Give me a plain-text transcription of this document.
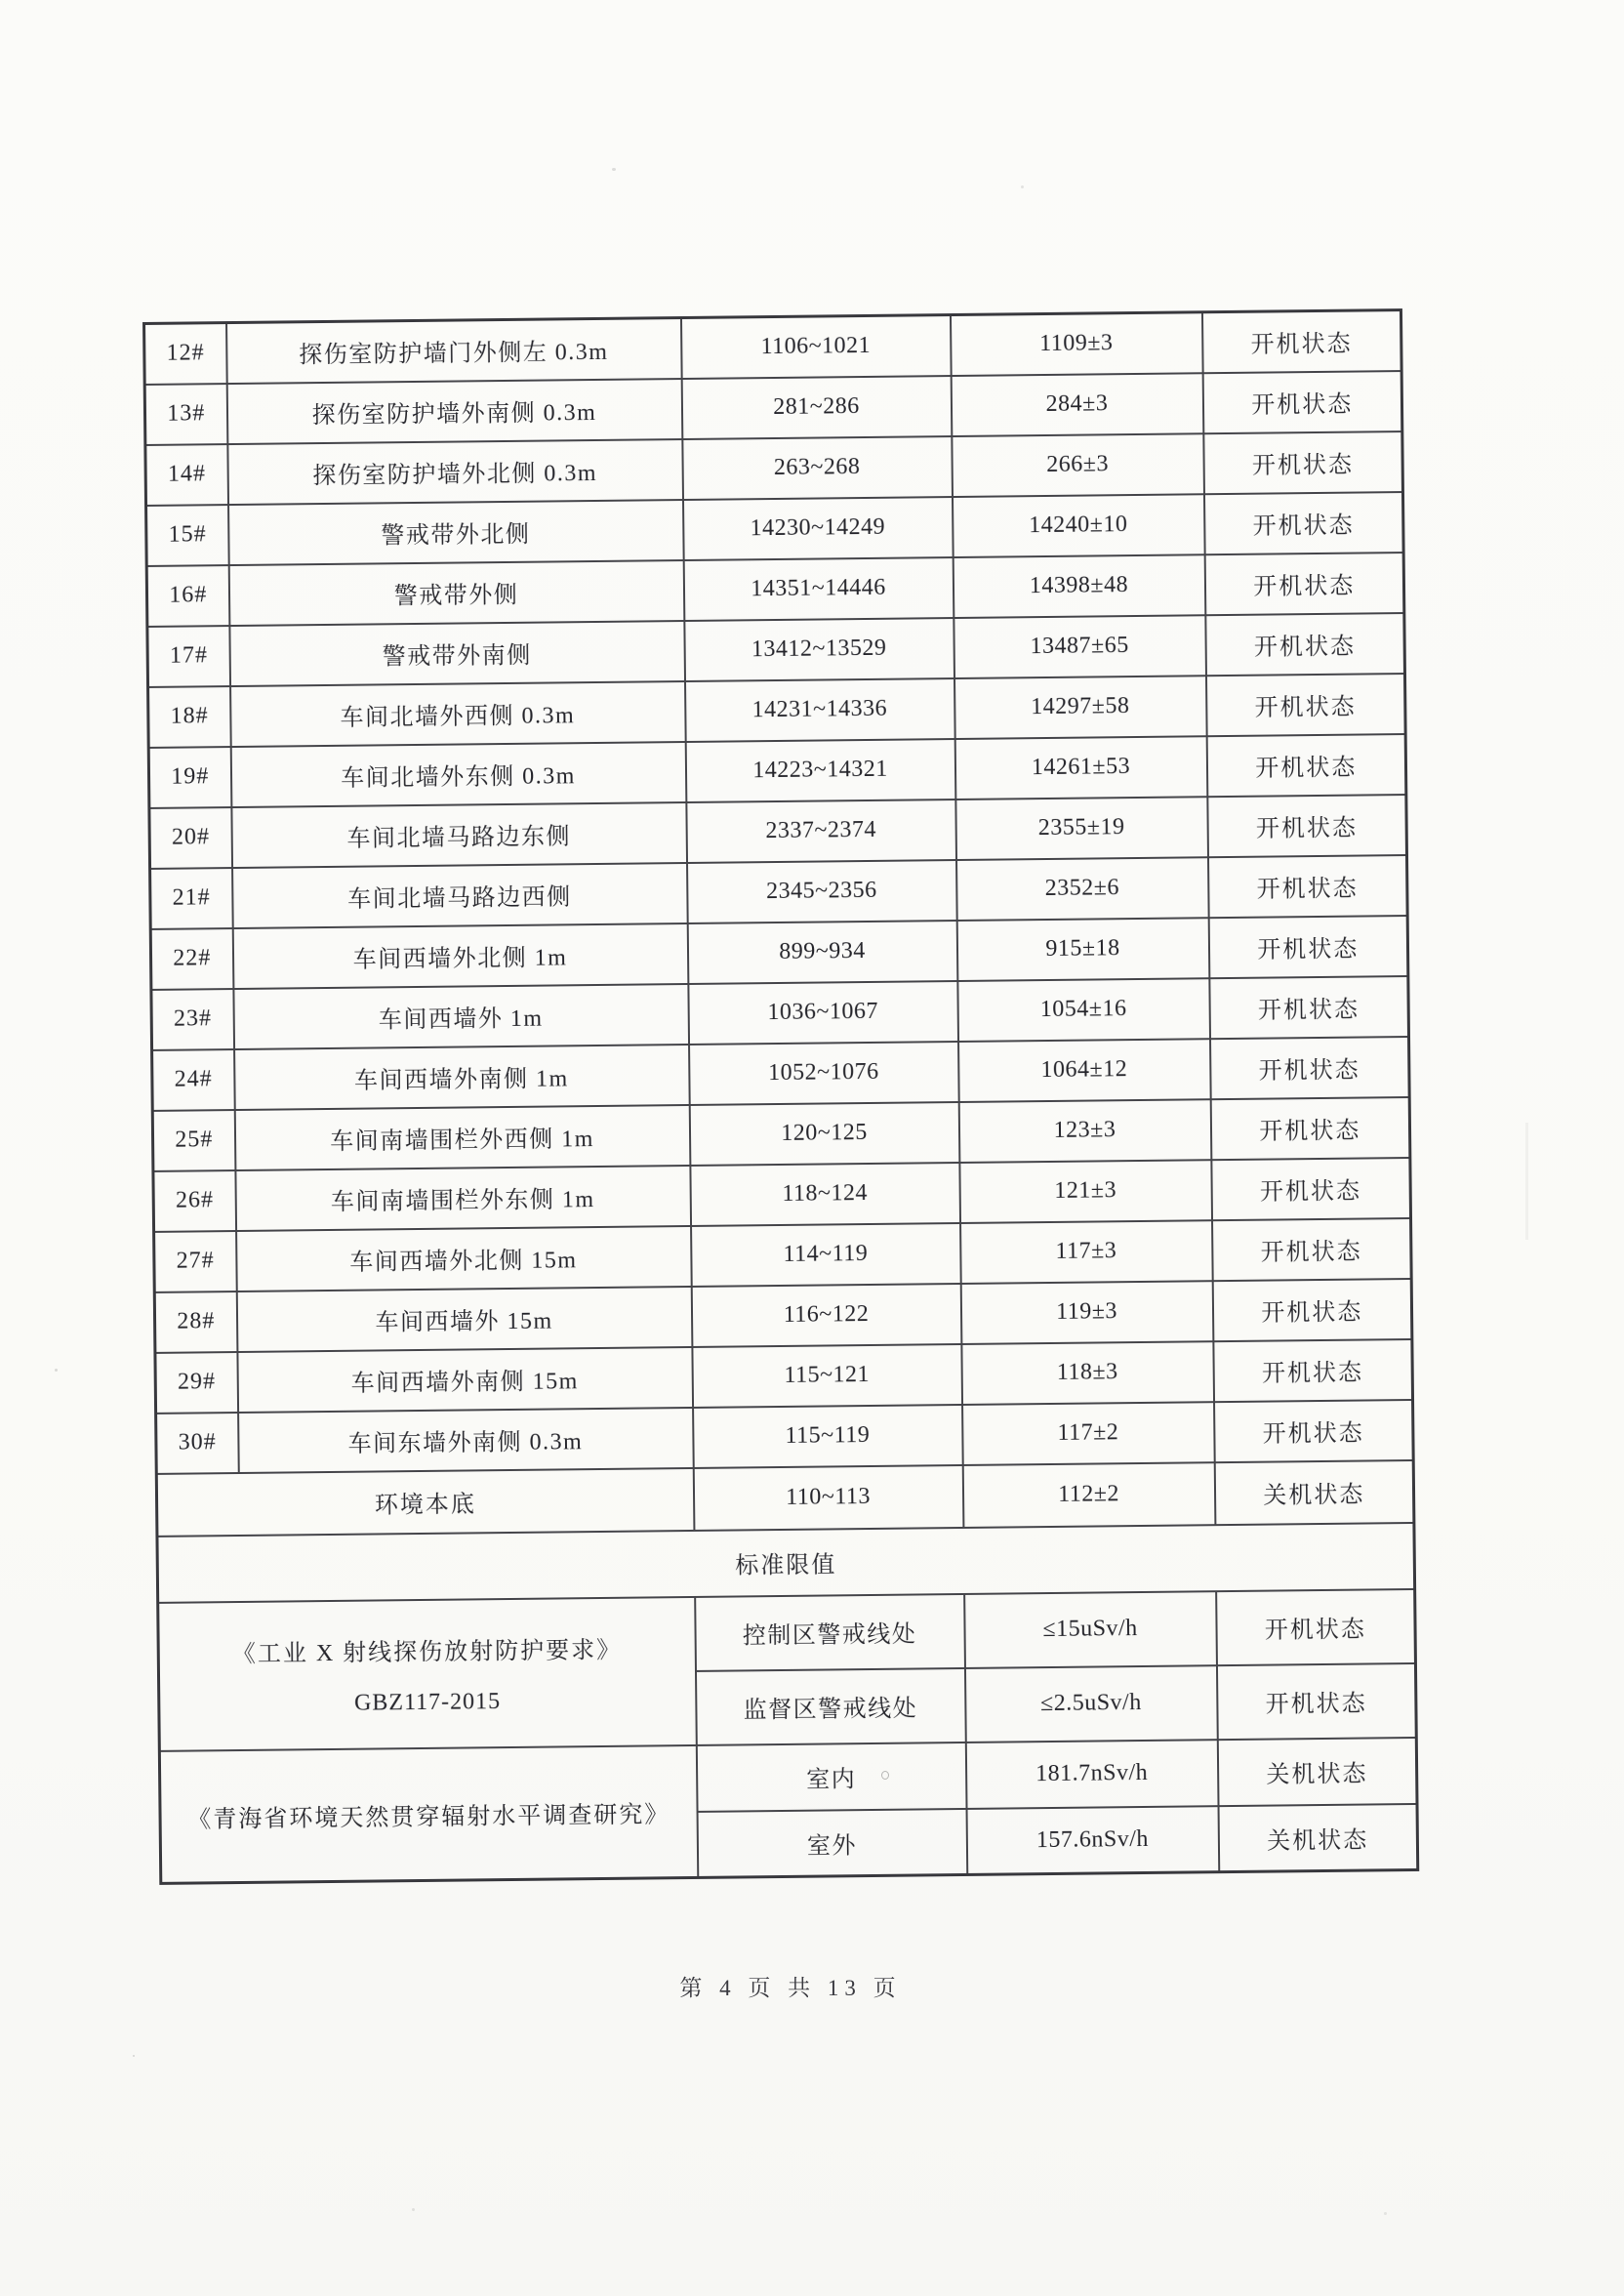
12#	探伤室防护墙门外侧左 0.3m	1106~1021	1109±3	开机状态
13#	探伤室防护墙外南侧 0.3m	281~286	284±3	开机状态
14#	探伤室防护墙外北侧 0.3m	263~268	266±3	开机状态
15#	警戒带外北侧	14230~14249	14240±10	开机状态
16#	警戒带外侧	14351~14446	14398±48	开机状态
17#	警戒带外南侧	13412~13529	13487±65	开机状态
18#	车间北墙外西侧 0.3m	14231~14336	14297±58	开机状态
19#	车间北墙外东侧 0.3m	14223~14321	14261±53	开机状态
20#	车间北墙马路边东侧	2337~2374	2355±19	开机状态
21#	车间北墙马路边西侧	2345~2356	2352±6	开机状态
22#	车间西墙外北侧 1m	899~934	915±18	开机状态
23#	车间西墙外 1m	1036~1067	1054±16	开机状态
24#	车间西墙外南侧 1m	1052~1076	1064±12	开机状态
25#	车间南墙围栏外西侧 1m	120~125	123±3	开机状态
26#	车间南墙围栏外东侧 1m	118~124	121±3	开机状态
27#	车间西墙外北侧 15m	114~119	117±3	开机状态
28#	车间西墙外 15m	116~122	119±3	开机状态
29#	车间西墙外南侧 15m	115~121	118±3	开机状态
30#	车间东墙外南侧 0.3m	115~119	117±2	开机状态
环境本底		110~113	112±2	关机状态
标准限值				

《工业 X 射线探伤放射防护要求》
GBZ117-2015		控制区警戒线处	≤15uSv/h	开机状态
		监督区警戒线处	≤2.5uSv/h	开机状态
《青海省环境天然贯穿辐射水平调查研究》		室内	181.7nSv/h	关机状态
		室外	157.6nSv/h	关机状态
第 4 页 共 13 页
